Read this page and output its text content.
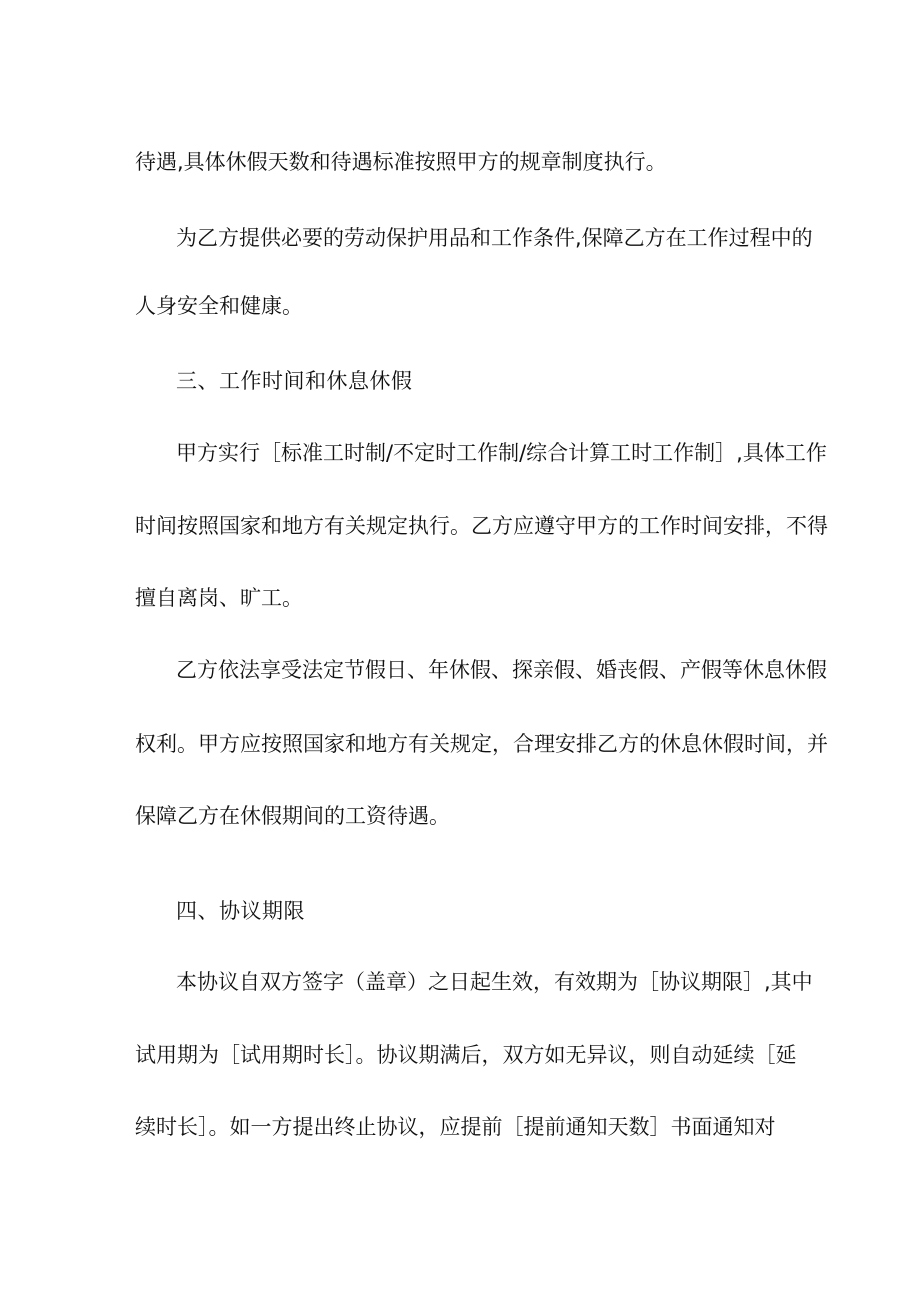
待遇,具体休假天数和待遇标准按照甲方的规章制度执行。

为乙方提供必要的劳动保护用品和工作条件,保障乙方在工作过程中的

人身安全和健康。

三、工作时间和休息休假

甲方实行［标准工时制/不定时工作制/综合计算工时工作制］,具体工作

时间按照国家和地方有关规定执行。乙方应遵守甲方的工作时间安排，不得

擅自离岗、旷工。

乙方依法享受法定节假日、年休假、探亲假、婚丧假、产假等休息休假

权利。甲方应按照国家和地方有关规定，合理安排乙方的休息休假时间，并

保障乙方在休假期间的工资待遇。

四、协议期限

本协议自双方签字（盖章）之日起生效，有效期为［协议期限］,其中

试用期为［试用期时长］。协议期满后，双方如无异议，则自动延续［延

续时长］。如一方提出终止协议，应提前［提前通知天数］书面通知对
